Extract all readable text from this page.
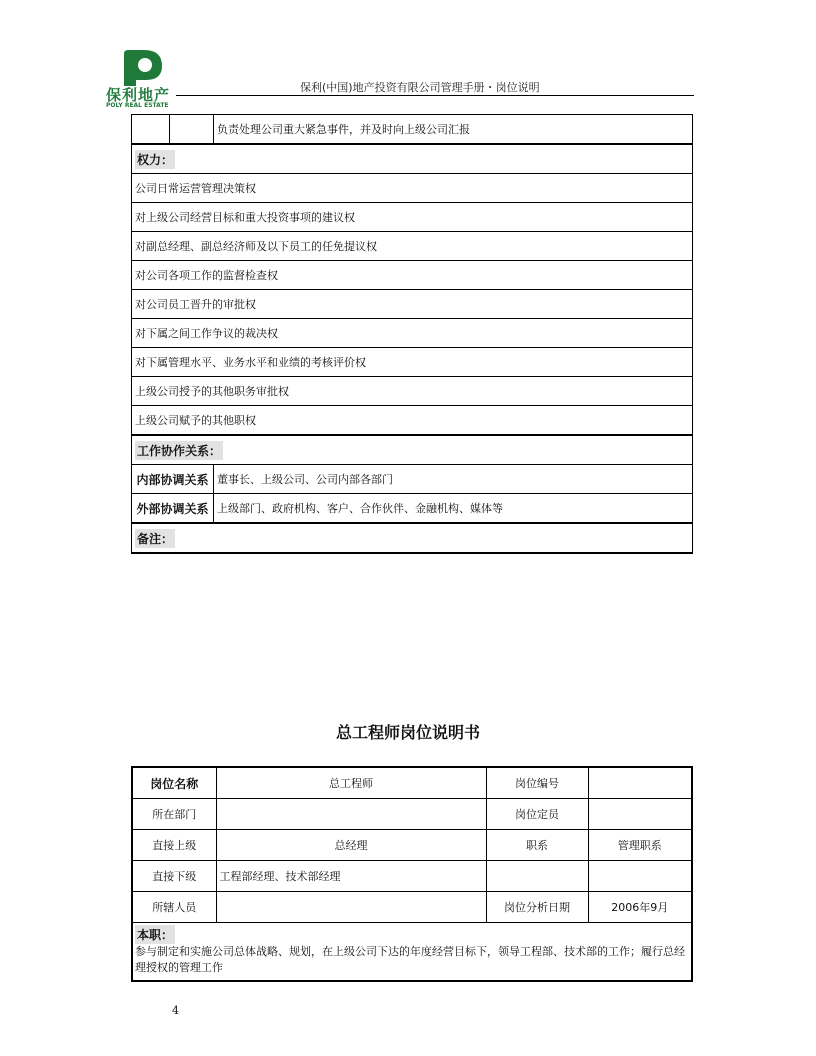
保利地产
POLY REAL ESTATE
保利(中国)地产投资有限公司管理手册・岗位说明
		负责处理公司重大紧急事件，并及时向上级公司汇报
权力：		
公司日常运营管理决策权		
对上级公司经营目标和重大投资事项的建议权		
对副总经理、副总经济师及以下员工的任免提议权		
对公司各项工作的监督检查权		
对公司员工晋升的审批权		
对下属之间工作争议的裁决权		
对下属管理水平、业务水平和业绩的考核评价权		
上级公司授予的其他职务审批权		
上级公司赋予的其他职权		
工作协作关系：		
内部协调关系		董事长、上级公司、公司内部各部门
外部协调关系		上级部门、政府机构、客户、合作伙伴、金融机构、媒体等
备注：		
总工程师岗位说明书
岗位名称	总工程师	岗位编号	
所在部门		岗位定员	
直接上级	总经理	职系	管理职系
直接下级	工程部经理、技术部经理		
所辖人员		岗位分析日期	2006年9月

本职：
参与制定和实施公司总体战略、规划，在上级公司下达的年度经营目标下，领导工程部、技术部的工作；履行总经理授权的管理工作			
4
